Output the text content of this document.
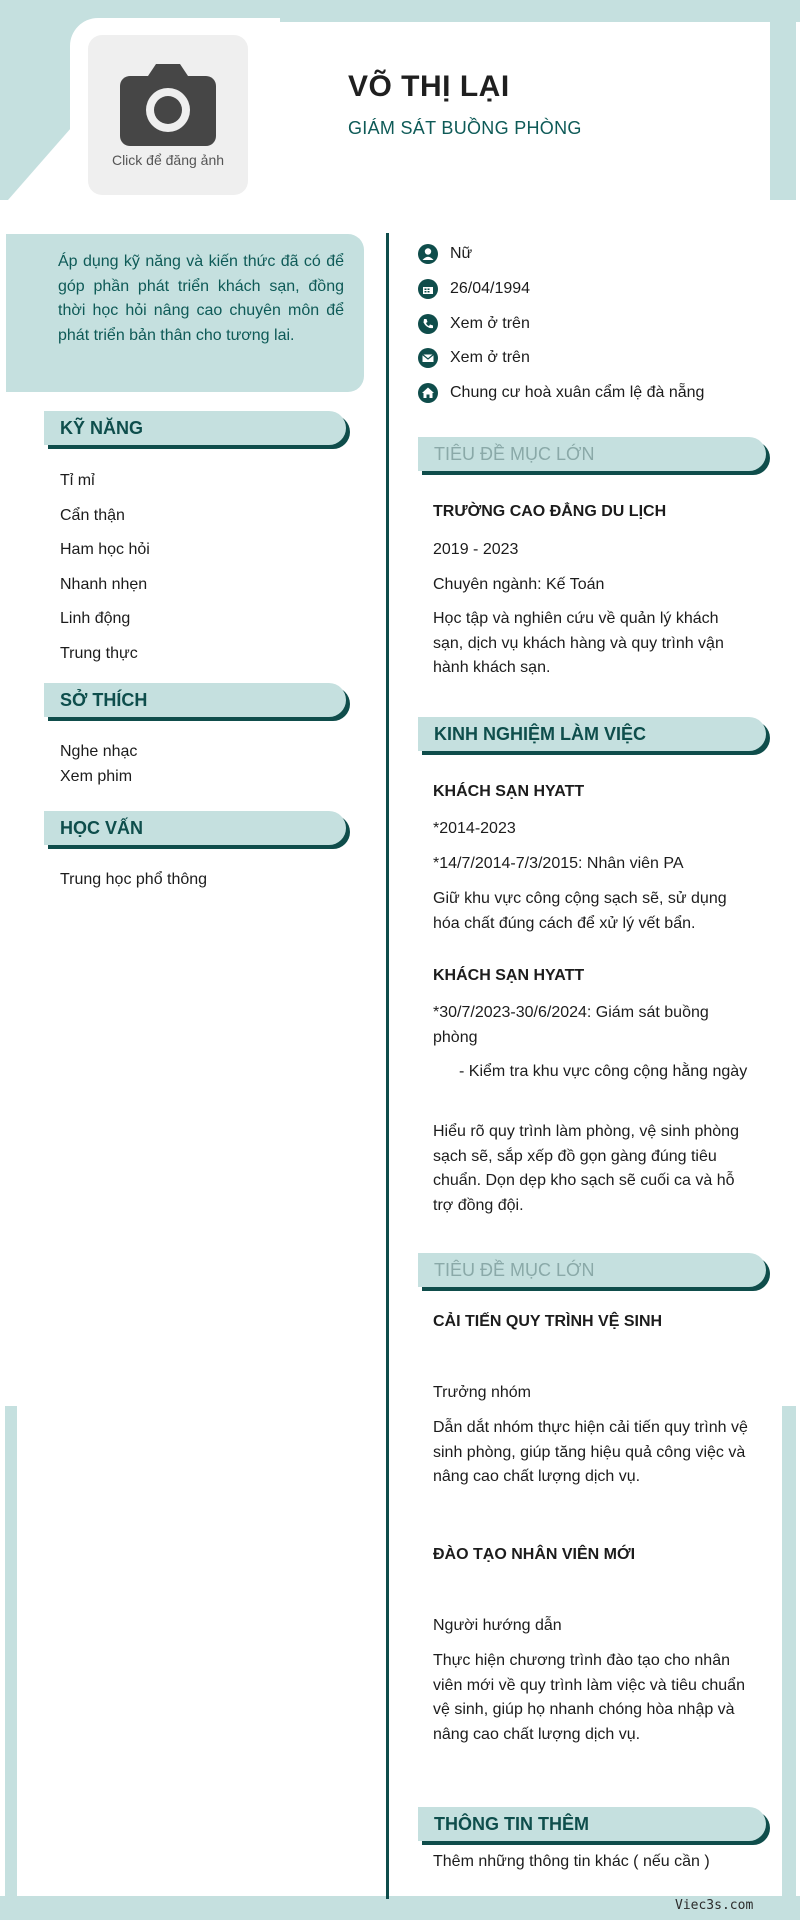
Viec3s.com
Click để đăng ảnh
VÕ THỊ LẠI
GIÁM SÁT BUỒNG PHÒNG
Áp dụng kỹ năng và kiến thức đã có để góp phần phát triển khách sạn, đồng thời học hỏi nâng cao chuyên môn để phát triển bản thân cho tương lai.
KỸ NĂNG
Tỉ mỉ
Cẩn thận
Ham học hỏi
Nhanh nhẹn
Linh động
Trung thực
SỞ THÍCH
Nghe nhạc
Xem phim
HỌC VẤN
Trung học phổ thông
Nữ
26/04/1994
Xem ở trên
Xem ở trên
Chung cư hoà xuân cẩm lệ đà nẵng
TIÊU ĐỀ MỤC LỚN
TRƯỜNG CAO ĐẲNG DU LỊCH
2019 - 2023
Chuyên ngành: Kế Toán
Học tập và nghiên cứu về quản lý khách sạn, dịch vụ khách hàng và quy trình vận hành khách sạn.
KINH NGHIỆM LÀM VIỆC
KHÁCH SẠN HYATT
*2014-2023
*14/7/2014-7/3/2015: Nhân viên PA
Giữ khu vực công cộng sạch sẽ, sử dụng hóa chất đúng cách để xử lý vết bẩn.
KHÁCH SẠN HYATT
*30/7/2023-30/6/2024: Giám sát buồng phòng
- Kiểm tra khu vực công cộng hằng ngày
Hiểu rõ quy trình làm phòng, vệ sinh phòng sạch sẽ, sắp xếp đồ gọn gàng đúng tiêu chuẩn. Dọn dẹp kho sạch sẽ cuối ca và hỗ trợ đồng đội.
TIÊU ĐỀ MỤC LỚN
CẢI TIẾN QUY TRÌNH VỆ SINH
Trưởng nhóm
Dẫn dắt nhóm thực hiện cải tiến quy trình vệ sinh phòng, giúp tăng hiệu quả công việc và nâng cao chất lượng dịch vụ.
ĐÀO TẠO NHÂN VIÊN MỚI
Người hướng dẫn
Thực hiện chương trình đào tạo cho nhân viên mới về quy trình làm việc và tiêu chuẩn vệ sinh, giúp họ nhanh chóng hòa nhập và nâng cao chất lượng dịch vụ.
THÔNG TIN THÊM
Thêm những thông tin khác ( nếu cần )
